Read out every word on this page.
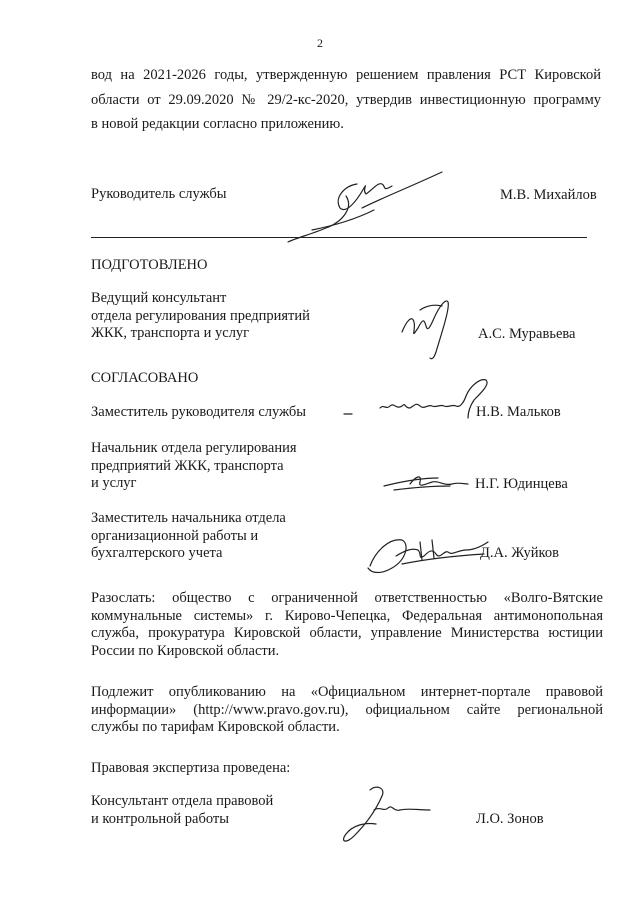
2
вод на 2021-2026 годы, утвержденную решением правления РСТ Кировской
области от 29.09.2020 № 29/2-кс-2020, утвердив инвестиционную программу
в новой редакции согласно приложению.
Руководитель службы	М.В. Михайлов
ПОДГОТОВЛЕНО
Ведущий консультант
отдела регулирования предприятий
ЖКК, транспорта и услуг	А.С. Муравьева
СОГЛАСОВАНО
Заместитель руководителя службы	Н.В. Мальков
Начальник отдела регулирования
предприятий ЖКК, транспорта
и услуг	Н.Г. Юдинцева
Заместитель начальника отдела
организационной работы и
бухгалтерского учета	Д.А. Жуйков
Разослать: общество с ограниченной ответственностью «Волго-Вятские
коммунальные системы» г. Кирово-Чепецка, Федеральная антимонопольная
служба, прокуратура Кировской области, управление Министерства юстиции
России по Кировской области.
Подлежит опубликованию на «Официальном интернет-портале правовой
информации» (http://www.pravo.gov.ru), официальном сайте региональной
службы по тарифам Кировской области.
Правовая экспертиза проведена:
Консультант отдела правовой
и контрольной работы	Л.О. Зонов
